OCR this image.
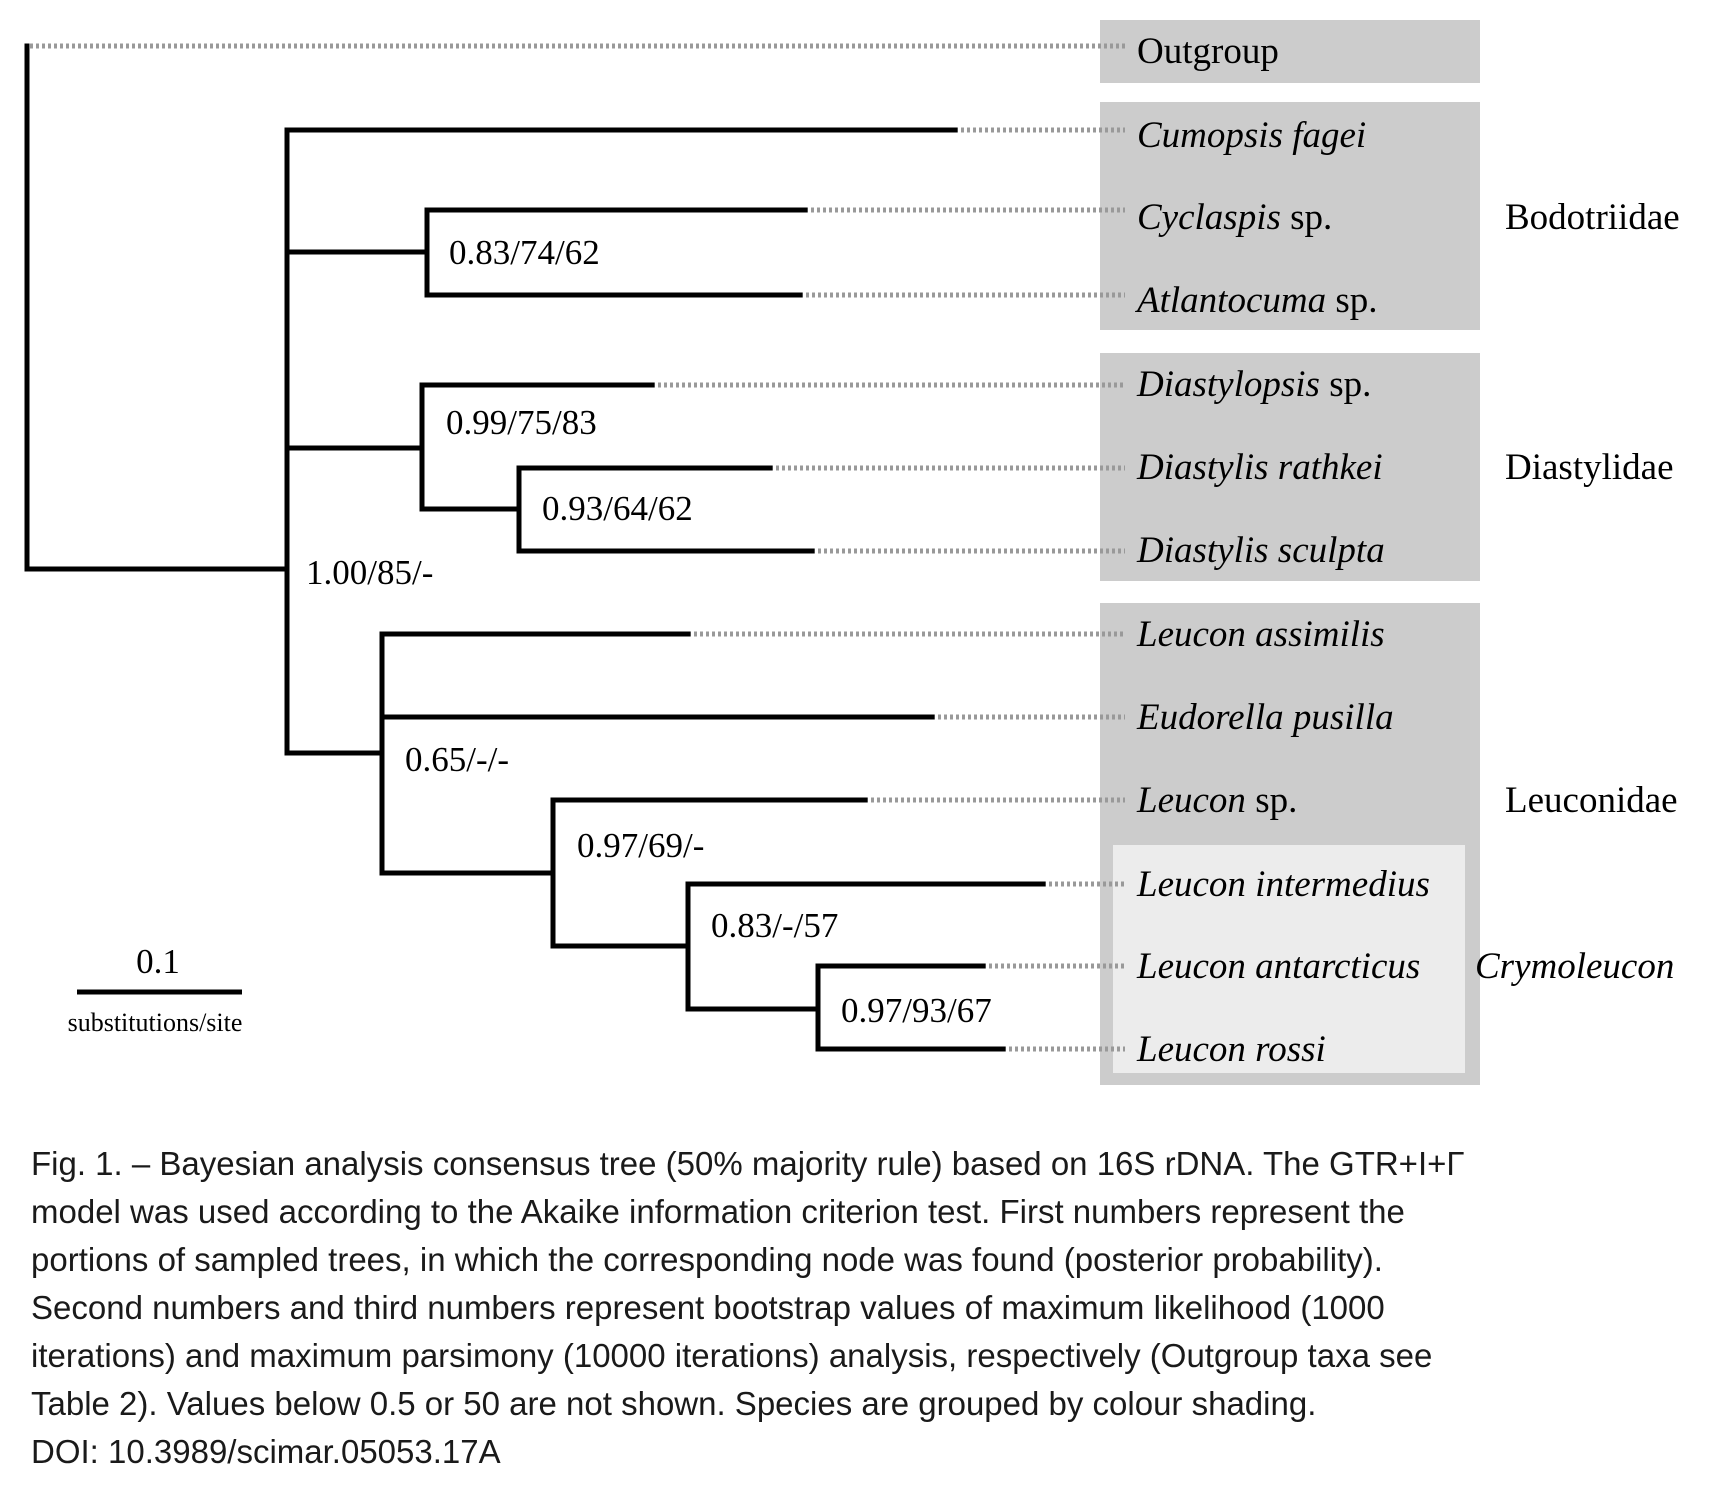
Outgroup
Cumopsis fagei
Cyclaspis sp.
Atlantocuma sp.
Diastylopsis sp.
Diastylis rathkei
Diastylis sculpta
Leucon assimilis
Eudorella pusilla
Leucon sp.
Leucon intermedius
Leucon antarcticus
Leucon rossi
Bodotriidae
Diastylidae
Leuconidae
Crymoleucon
0.83/74/62
0.99/75/83
0.93/64/62
1.00/85/-
0.65/-/-
0.97/69/-
0.83/-/57
0.97/93/67
0.1
substitutions/site
Fig. 1. – Bayesian analysis consensus tree (50% majority rule) based on 16S rDNA. The GTR+I+Γ
model was used according to the Akaike information criterion test. First numbers represent the
portions of sampled trees, in which the corresponding node was found (posterior probability).
Second numbers and third numbers represent bootstrap values of maximum likelihood (1000
iterations) and maximum parsimony (10000 iterations) analysis, respectively (Outgroup taxa see
Table 2). Values below 0.5 or 50 are not shown. Species are grouped by colour shading.
DOI: 10.3989/scimar.05053.17A
